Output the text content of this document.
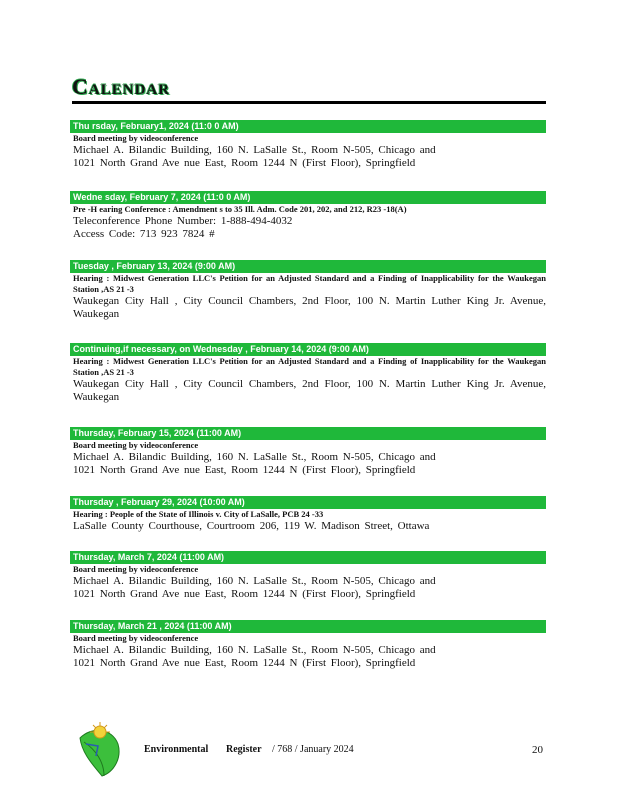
Calendar
Thu rsday, February1, 2024 (11:0 0 AM)
Board meeting by videoconference
Michael A. Bilandic Building, 160 N. LaSalle St., Room N-505, Chicago and
1021 North Grand Ave nue East, Room 1244 N (First Floor), Springfield
Wedne sday, February 7, 2024 (11:0 0 AM)
Pre -H earing Conference : Amendment s to 35 Ill. Adm. Code 201, 202, and 212, R23 -18(A)
Teleconference Phone Number: 1-888-494-4032
Access Code: 713 923 7824 #
Tuesday , February 13, 2024 (9:00 AM)
Hearing : Midwest Generation LLC's Petition for an Adjusted Standard and a Finding of Inapplicability for the Waukegan Station ,AS 21 -3
Waukegan City Hall , City Council Chambers, 2nd Floor, 100 N. Martin Luther King Jr. Avenue, Waukegan
Continuing,if necessary, on Wednesday , February 14, 2024 (9:00 AM)
Hearing : Midwest Generation LLC's Petition for an Adjusted Standard and a Finding of Inapplicability for the Waukegan Station ,AS 21 -3
Waukegan City Hall , City Council Chambers, 2nd Floor, 100 N. Martin Luther King Jr. Avenue, Waukegan
Thursday, February 15, 2024 (11:00 AM)
Board meeting by videoconference
Michael A. Bilandic Building, 160 N. LaSalle St., Room N-505, Chicago and
1021 North Grand Ave nue East, Room 1244 N (First Floor), Springfield
Thursday , February 29, 2024 (10:00 AM)
Hearing : People of the State of Illinois v. City of LaSalle, PCB 24 -33
LaSalle County Courthouse, Courtroom 206, 119 W. Madison Street, Ottawa
Thursday, March 7, 2024 (11:00 AM)
Board meeting by videoconference
Michael A. Bilandic Building, 160 N. LaSalle St., Room N-505, Chicago and
1021 North Grand Ave nue East, Room 1244 N (First Floor), Springfield
Thursday, March 21 , 2024 (11:00 AM)
Board meeting by videoconference
Michael A. Bilandic Building, 160 N. LaSalle St., Room N-505, Chicago and
1021 North Grand Ave nue East, Room 1244 N (First Floor), Springfield
Environmental Register / 768 / January 2024	20
